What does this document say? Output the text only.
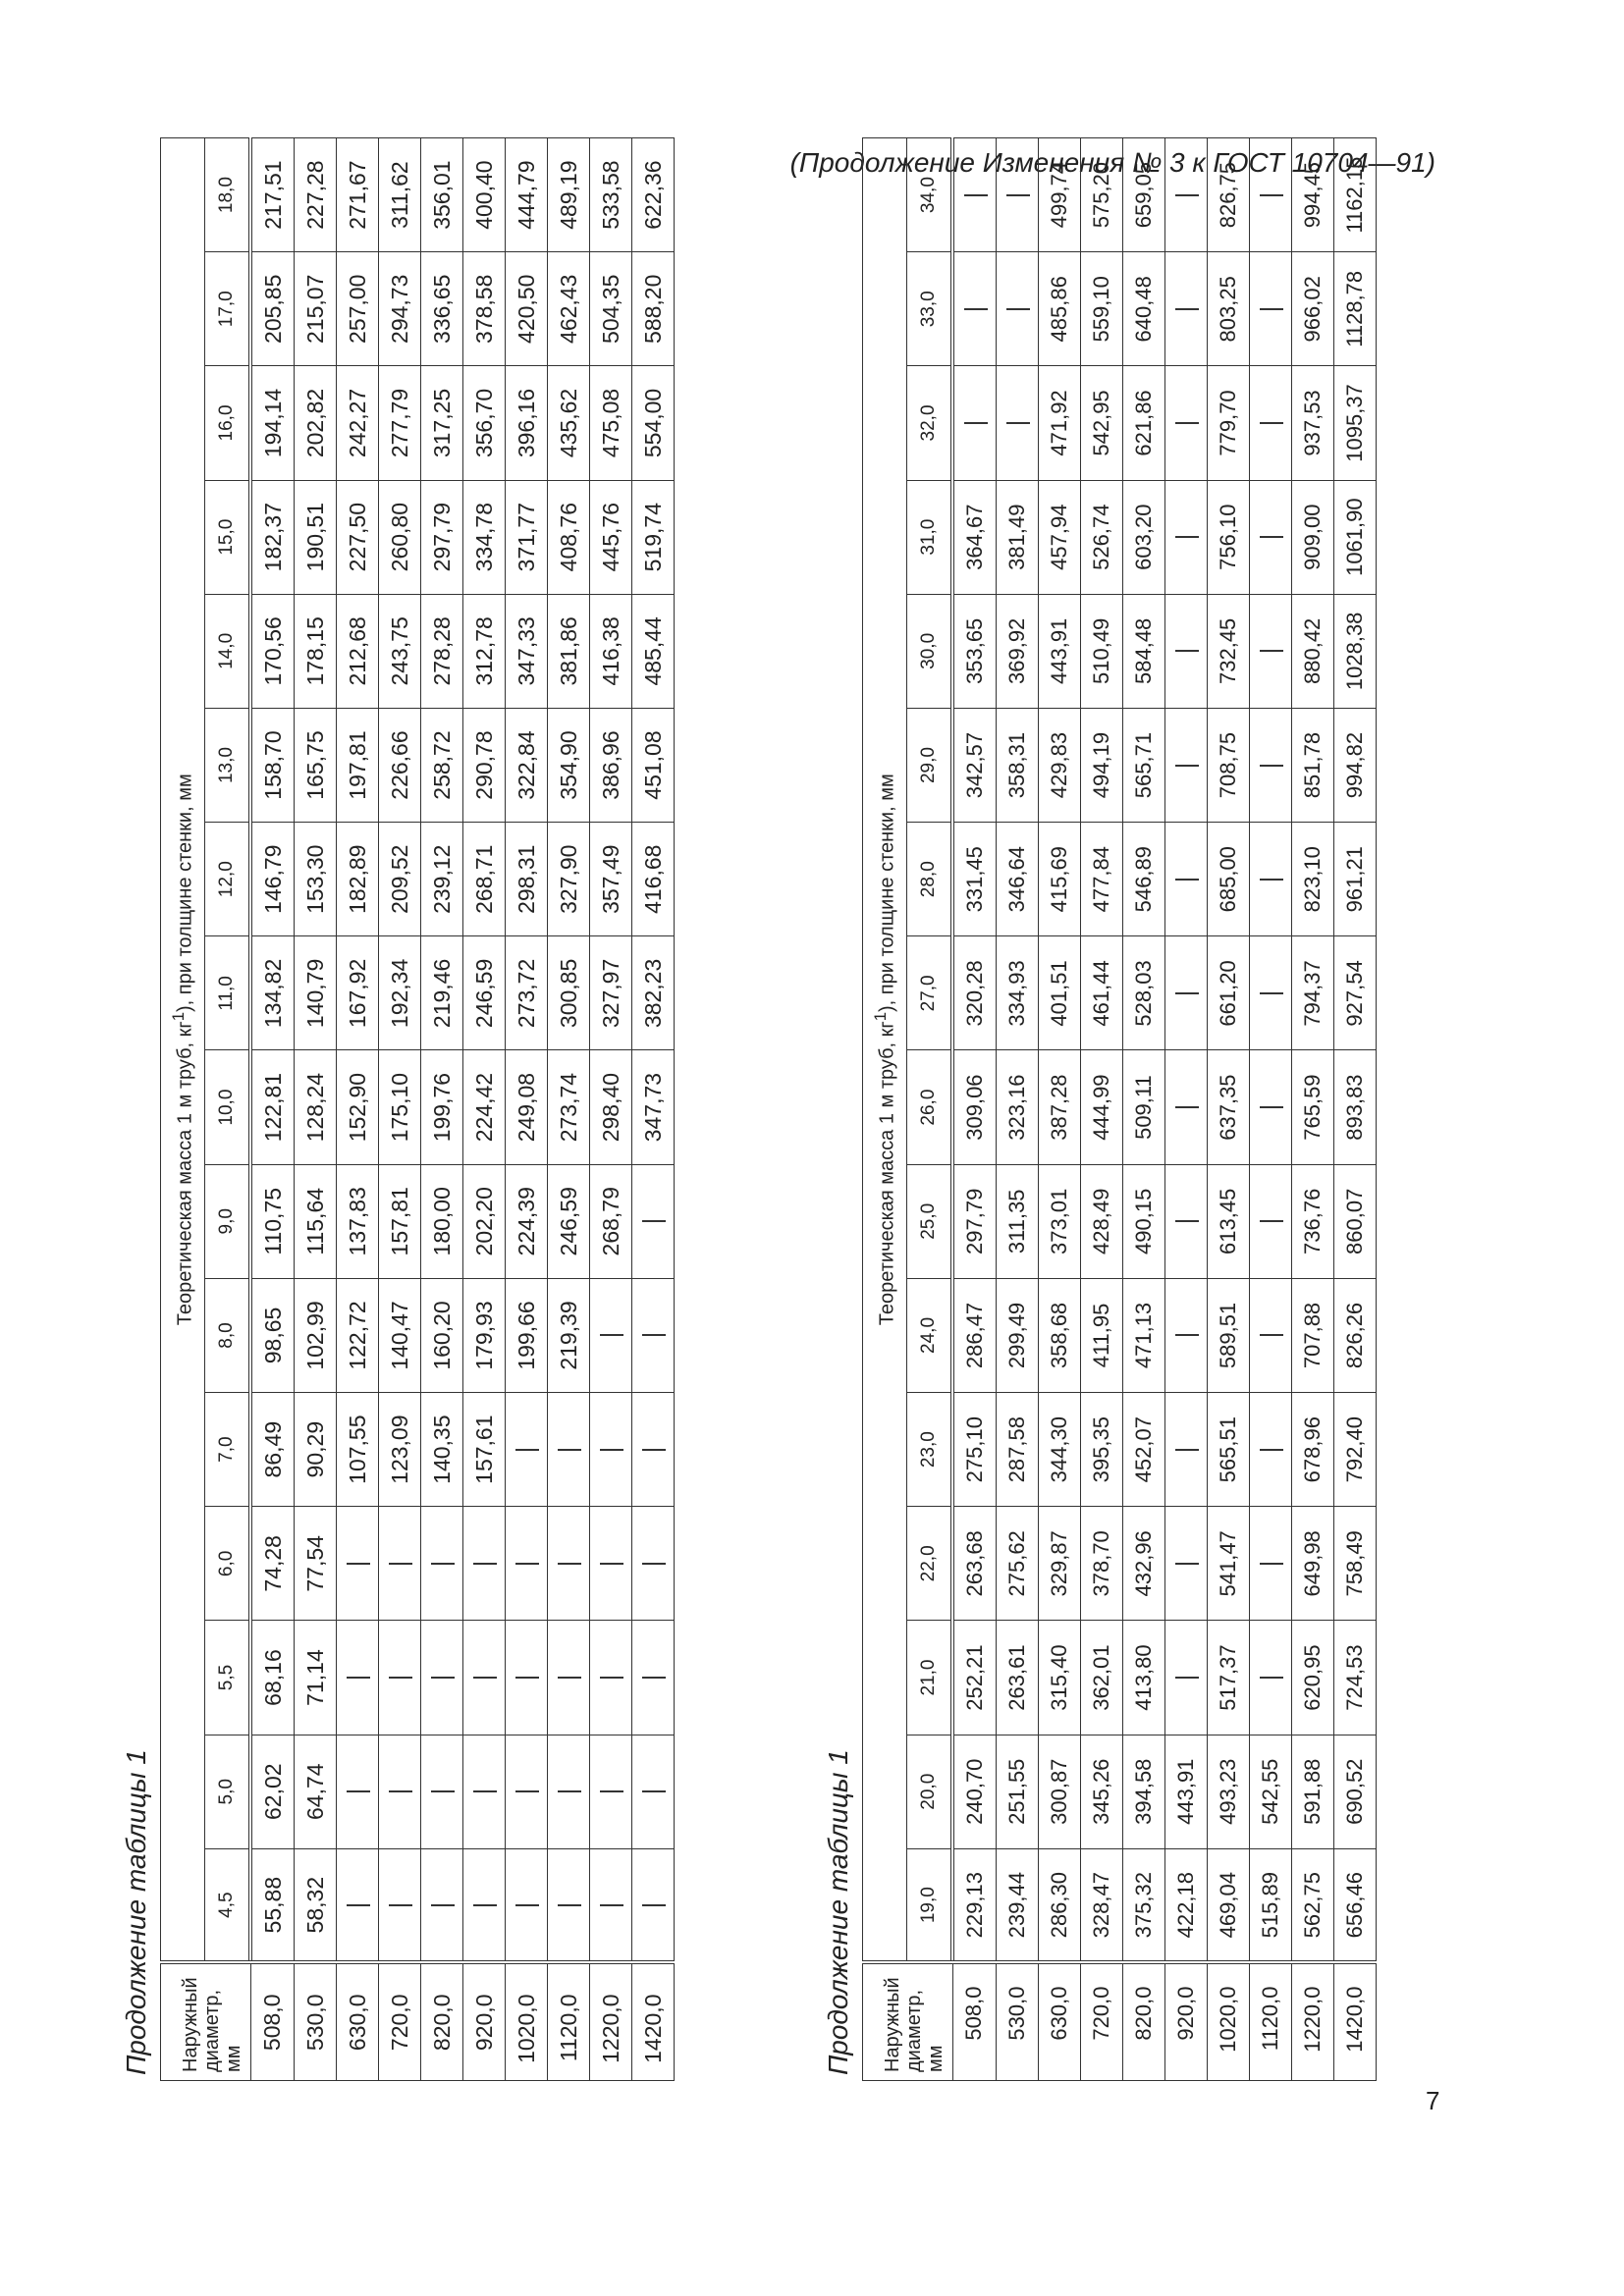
(Продолжение Изменения № 3 к ГОСТ 10704—91)
Продолжение таблицы 1	Наружный диаметр, мм	Теоретическая масса 1 м труб, $кг^1$), при толщине стенки, мм															
	4,5	5,0	5,5	6,0	7,0	8,0	9,0	10,0	11,0	12,0	13,0	14,0	15,0	16,0	17,0	18,0
508,0	55,88	62,02	68,16	74,28	86,49	98,65	110,75	122,81	134,82	146,79	158,70	170,56	182,37	194,14	205,85	217,51
530,0	58,32	64,74	71,14	77,54	90,29	102,99	115,64	128,24	140,79	153,30	165,75	178,15	190,51	202,82	215,07	227,28
630,0					107,55	122,72	137,83	152,90	167,92	182,89	197,81	212,68	227,50	242,27	257,00	271,67
720,0					123,09	140,47	157,81	175,10	192,34	209,52	226,66	243,75	260,80	277,79	294,73	311,62
820,0					140,35	160,20	180,00	199,76	219,46	239,12	258,72	278,28	297,79	317,25	336,65	356,01
920,0					157,61	179,93	202,20	224,42	246,59	268,71	290,78	312,78	334,78	356,70	378,58	400,40
1020,0						199,66	224,39	249,08	273,72	298,31	322,84	347,33	371,77	396,16	420,50	444,79
1120,0						219,39	246,59	273,74	300,85	327,90	354,90	381,86	408,76	435,62	462,43	489,19
1220,0							268,79	298,40	327,97	357,49	386,96	416,38	445,76	475,08	504,35	533,58
1420,0								347,73	382,23	416,68	451,08	485,44	519,74	554,00	588,20	622,36
Продолжение таблицы 1	Наружный диаметр, мм	Теоретическая масса 1 м труб, $кг^1$), при толщине стенки, мм															
	19,0	20,0	21,0	22,0	23,0	24,0	25,0	26,0	27,0	28,0	29,0	30,0	31,0	32,0	33,0	34,0
508,0	229,13	240,70	252,21	263,68	275,10	286,47	297,79	309,06	320,28	331,45	342,57	353,65	364,67			
530,0	239,44	251,55	263,61	275,62	287,58	299,49	311,35	323,16	334,93	346,64	358,31	369,92	381,49			
630,0	286,30	300,87	315,40	329,87	344,30	358,68	373,01	387,28	401,51	415,69	429,83	443,91	457,94	471,92	485,86	499,74
720,0	328,47	345,26	362,01	378,70	395,35	411,95	428,49	444,99	461,44	477,84	494,19	510,49	526,74	542,95	559,10	575,20
820,0	375,32	394,58	413,80	432,96	452,07	471,13	490,15	509,11	528,03	546,89	565,71	584,48	603,20	621,86	640,48	659,05
920,0	422,18	443,91														
1020,0	469,04	493,23	517,37	541,47	565,51	589,51	613,45	637,35	661,20	685,00	708,75	732,45	756,10	779,70	803,25	826,75
1120,0	515,89	542,55														
1220,0	562,75	591,88	620,95	649,98	678,96	707,88	736,76	765,59	794,37	823,10	851,78	880,42	909,00	937,53	966,02	994,45
1420,0	656,46	690,52	724,53	758,49	792,40	826,26	860,07	893,83	927,54	961,21	994,82	1028,38	1061,90	1095,37	1128,78	1162,15
7
